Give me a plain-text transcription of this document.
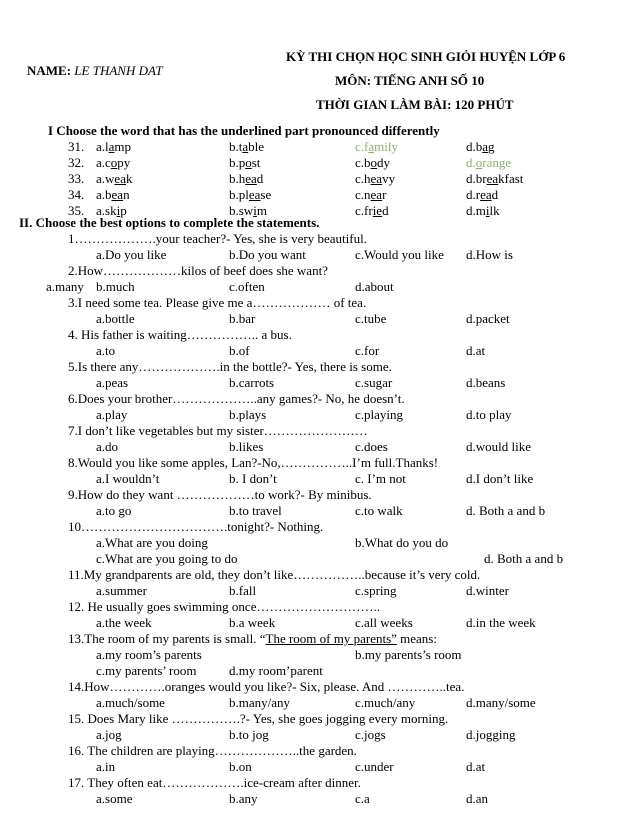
NAME: LE THANH DAT
KỲ THI CHỌN HỌC SINH GIỎI HUYỆN LỚP 6
MÔN: TIẾNG ANH SỐ 10
THỜI GIAN LÀM BÀI: 120 PHÚT
I Choose the word that has the underlined part pronounced differently
31. a.lamp	b.table	c.family	d.bag
32. a.copy	b.post	c.body	d.orange
33. a.weak	b.head	c.heavy	d.breakfast
34. a.bean	b.please	c.near	d.read
35. a.skip	b.swim	c.fried	d.milk
II. Choose the best options to complete the statements.
1……………….your teacher?- Yes, she is very beautiful.
a.Do you like	b.Do you want	c.Would you like d.How is
2.How………………kilos of beef does she want?
a.many b.much	c.often	d.about
3.I need some tea. Please give me a……………… of tea.
a.bottle	b.bar	c.tube	d.packet
4. His father is waiting…………….. a bus.
a.to	b.of	c.for	d.at
5.Is there any……………….in the bottle?- Yes, there is some.
a.peas	b.carrots	c.sugar	d.beans
6.Does your brother………………..any games?- No, he doesn’t.
a.play	b.plays	c.playing	d.to play
7.I don’t like vegetables but my sister……………………
a.do	b.likes	c.does	d.would like
8.Would you like some apples, Lan?-No,……………..I’m full.Thanks!
a.I wouldn’t	b. I don’t	c. I’m not	d.I don’t like
9.How do they want ………………to work?- By minibus.
a.to go	b.to travel	c.to walk	d. Both a and b
10…………………………….tonight?- Nothing.
a.What are you doing	b.What do you do
c.What are you going to do	d. Both a and b
11.My grandparents are old, they don’t like……………..because it’s very cold.
a.summer	b.fall	c.spring	d.winter
12. He usually goes swimming once………………………..
a.the week	b.a week	c.all weeks	d.in the week
13.The room of my parents is small. “The room of my parents” means:
a.my room’s parents	b.my parents’s room
c.my parents’ room	d.my room’parent
14.How………….oranges would you like?- Six, please. And …………..tea.
a.much/some	b.many/any	c.much/any	d.many/some
15. Does Mary like …………….?- Yes, she goes jogging every morning.
a.jog	b.to jog	c.jogs	d.jogging
16. The children are playing………………..the garden.
a.in	b.on	c.under	d.at
17. They often eat……………….ice-cream after dinner.
a.some	b.any	c.a	d.an
